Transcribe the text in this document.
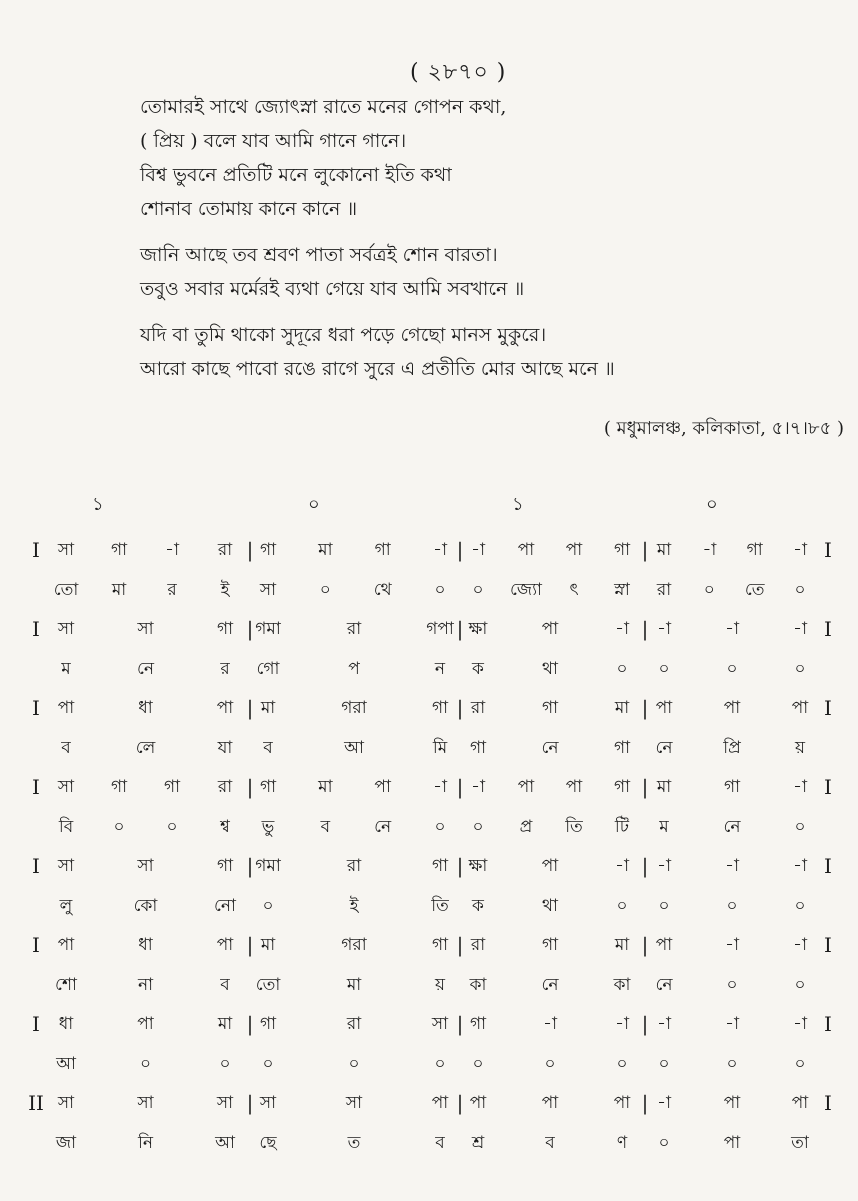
( ২৮৭০ )
তোমারই সাথে জ্যোৎস্না রাতে মনের গোপন কথা,
( প্রিয় ) বলে যাব আমি গানে গানে।
বিশ্ব ভুবনে প্রতিটি মনে লুকোনো ইতি কথা
শোনাব তোমায় কানে কানে ॥
জানি আছে তব শ্রবণ পাতা সর্বত্রই শোন বারতা।
তবুও সবার মর্মেরই ব্যথা গেয়ে যাব আমি সবখানে ॥
যদি বা তুমি থাকো সুদূরে ধরা পড়ে গেছো মানস মুকুরে।
আরো কাছে পাবো রঙে রাগে সুরে এ প্রতীতি মোর আছে মনে ॥
( মধুমালঞ্চ, কলিকাতা, ৫।৭।৮৫ )
১	০	১	০
I	|	|	|	I
সা গা -া রা গা মা গা -া -া পা পা গা মা -া গা -া
তো মা র	ই সা	০	থে	০ ০ জ্যো ৎ স্না রা ০ তে ০
I	|	|	|	I
সা	সা	গা গমা	রা	গপা ক্ষা	পা	-া -া	-া	-া
ম	নে	র গো	প	ন ক	থা	০ ০	০	০
I	|	|	|	I
পা	ধা	পা মা	গরা	গা রা	গা	মা পা	পা	পা
ব	লে	যা ব	আ	মি গা	নে	গা নে	প্রি	য়
I	|	|	|	I
সা গা গা রা গা মা পা -া -া পা পা গা মা	গা	-া
বি ০ ০	শ্ব ভু	ব	নে	০ ০ প্র তি টি ম	নে	০
I	|	|	|	I
সা	সা	গা গমা	রা	গা ক্ষা	পা	-া -া	-া	-া
লু	কো	নো ০	ই	তি ক	থা	০ ০	০	০
I	|	|	|	I
পা	ধা	পা মা	গরা	গা রা	গা	মা পা	-া	-া
শো	না	ব তো	মা	য় কা	নে	কা নে	০	০
I	|	|	|	I
ধা	পা	মা গা	রা	সা গা	-া	-া -া	-া	-া
আ	০	০ ০	০	০ ০	০	০ ০	০	০
II	|	|	|	I
সা	সা	সা সা	সা	পা পা	পা	পা -া	পা	পা
জা	নি	আ ছে	ত	ব শ্র	ব	ণ ০	পা	তা
